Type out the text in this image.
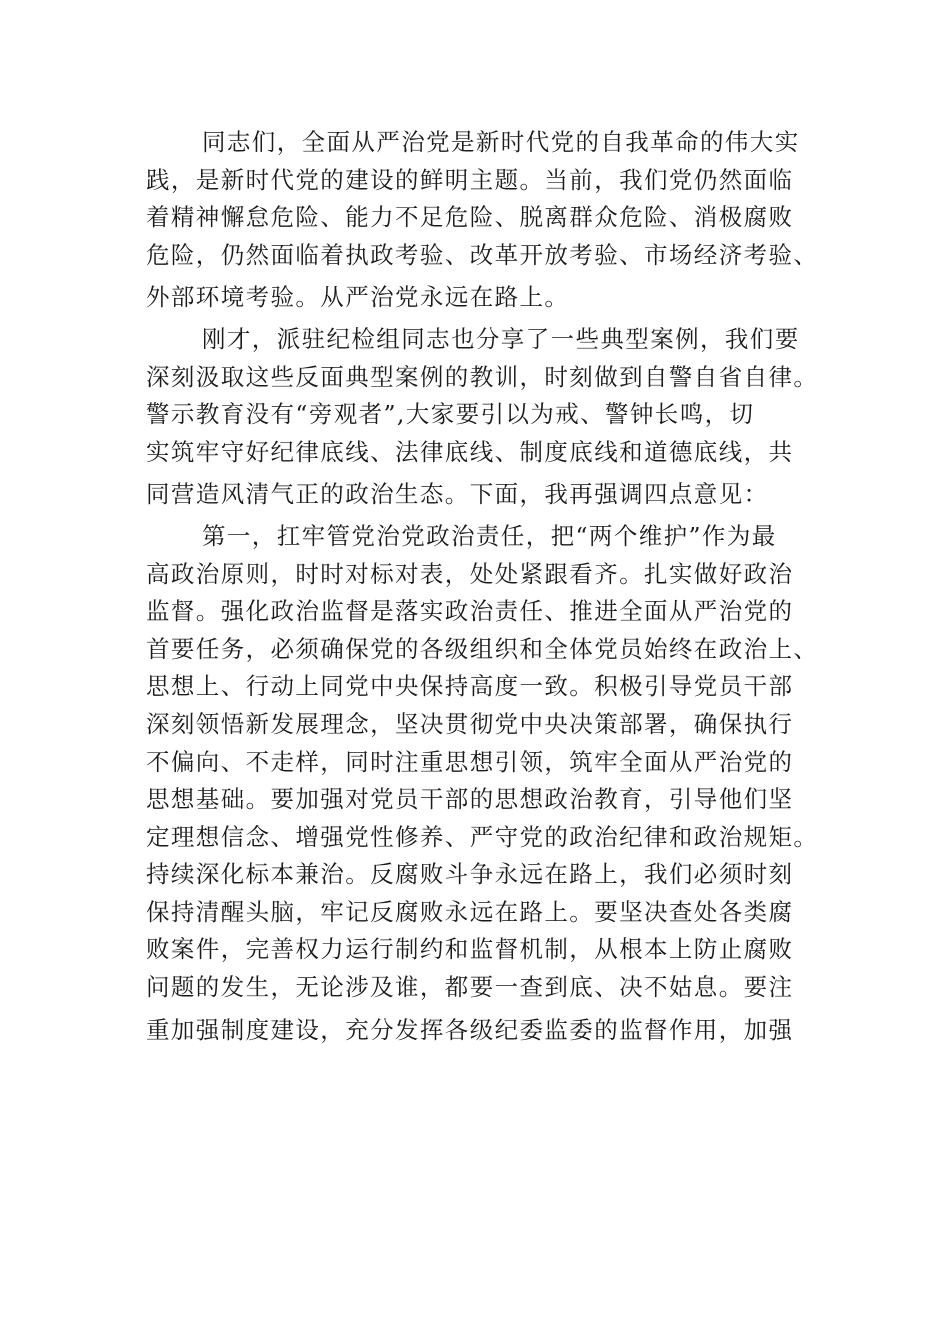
同志们，全面从严治党是新时代党的自我革命的伟大实
践，是新时代党的建设的鲜明主题。当前，我们党仍然面临
着精神懈怠危险、能力不足危险、脱离群众危险、消极腐败
危险，仍然面临着执政考验、改革开放考验、市场经济考验、
外部环境考验。从严治党永远在路上。

刚才，派驻纪检组同志也分享了一些典型案例，我们要
深刻汲取这些反面典型案例的教训，时刻做到自警自省自律。
警示教育没有“旁观者”,大家要引以为戒、警钟长鸣，切
实筑牢守好纪律底线、法律底线、制度底线和道德底线，共
同营造风清气正的政治生态。下面，我再强调四点意见：

第一，扛牢管党治党政治责任，把“两个维护”作为最
高政治原则，时时对标对表，处处紧跟看齐。扎实做好政治
监督。强化政治监督是落实政治责任、推进全面从严治党的
首要任务，必须确保党的各级组织和全体党员始终在政治上、
思想上、行动上同党中央保持高度一致。积极引导党员干部
深刻领悟新发展理念，坚决贯彻党中央决策部署，确保执行
不偏向、不走样，同时注重思想引领，筑牢全面从严治党的
思想基础。要加强对党员干部的思想政治教育，引导他们坚
定理想信念、增强党性修养、严守党的政治纪律和政治规矩。
持续深化标本兼治。反腐败斗争永远在路上，我们必须时刻
保持清醒头脑，牢记反腐败永远在路上。要坚决查处各类腐
败案件，完善权力运行制约和监督机制，从根本上防止腐败
问题的发生，无论涉及谁，都要一查到底、决不姑息。要注
重加强制度建设，充分发挥各级纪委监委的监督作用，加强
